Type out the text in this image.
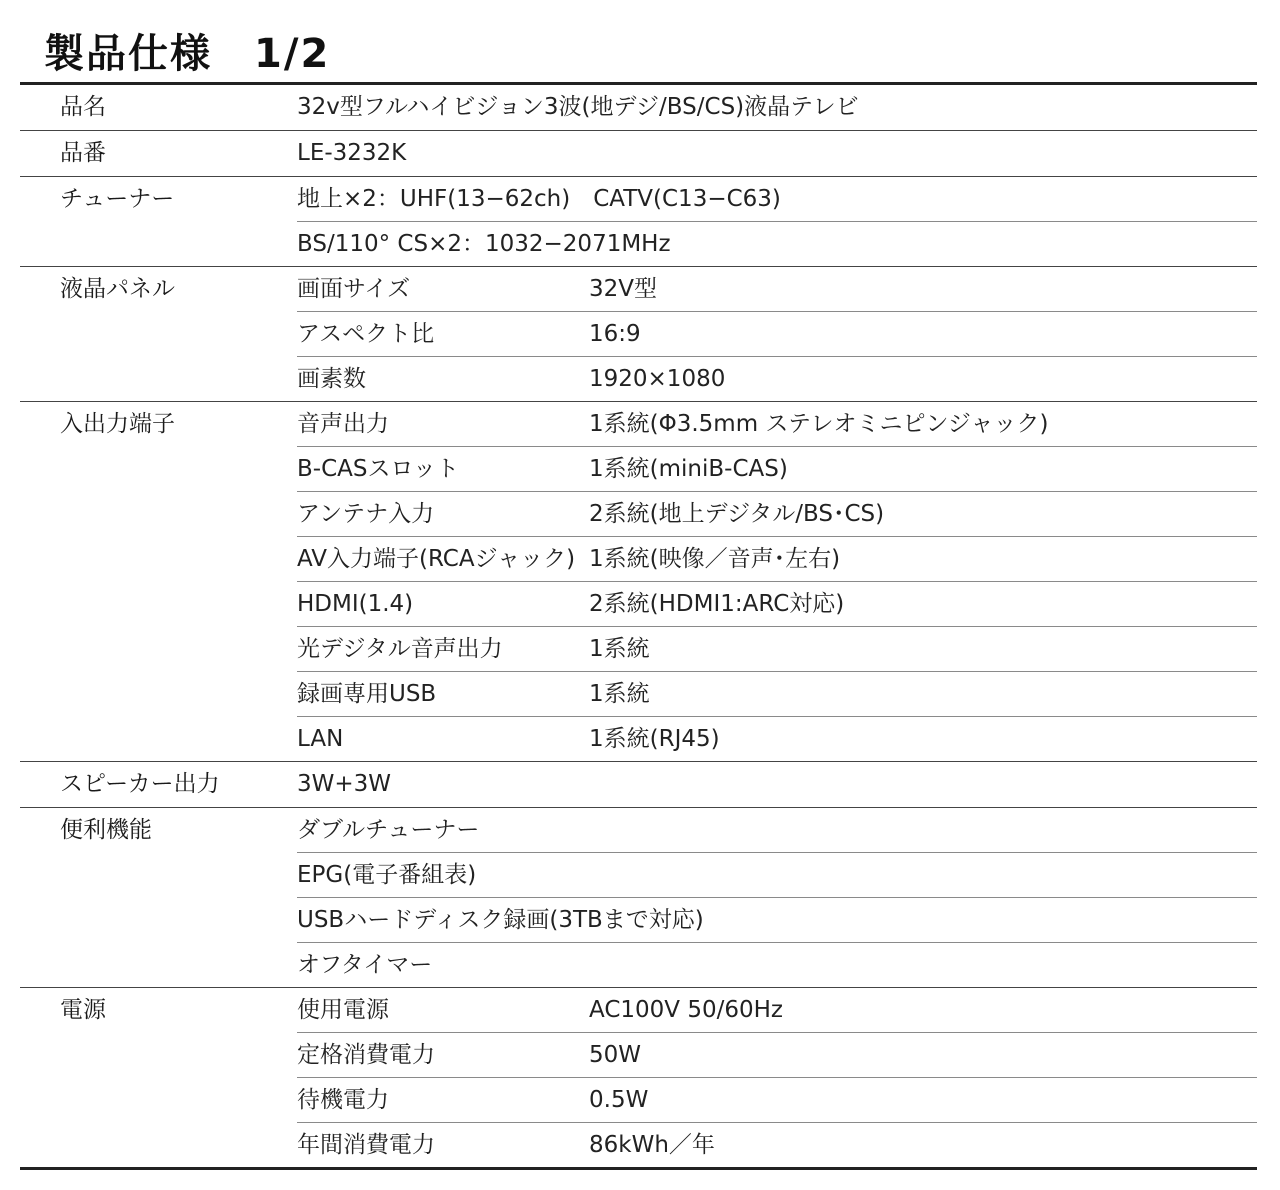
製品仕様　1/2
品名	32v型フルハイビジョン3波(地デジ/BS/CS)液晶テレビ
品番	LE-3232K
チューナー	地上×2：UHF(13−62ch)　CATV(C13−C63)
BS/110° CS×2：1032−2071MHz
液晶パネル	画面サイズ	32V型
アスペクト比	16:9
画素数	1920×1080
入出力端子	音声出力	1系統(Φ3.5mm ステレオミニピンジャック)
B-CASスロット	1系統(miniB-CAS)
アンテナ入力	2系統(地上デジタル/BS･CS)
AV入力端子(RCAジャック) 1系統(映像／音声･左右)
HDMI(1.4)	2系統(HDMI1:ARC対応)
光デジタル音声出力	1系統
録画専用USB	1系統
LAN	1系統(RJ45)
スピーカー出力	3W+3W
便利機能	ダブルチューナー
EPG(電子番組表)
USBハードディスク録画(3TBまで対応)
オフタイマー
電源	使用電源	AC100V 50/60Hz
定格消費電力	50W
待機電力	0.5W
年間消費電力	86kWh／年
